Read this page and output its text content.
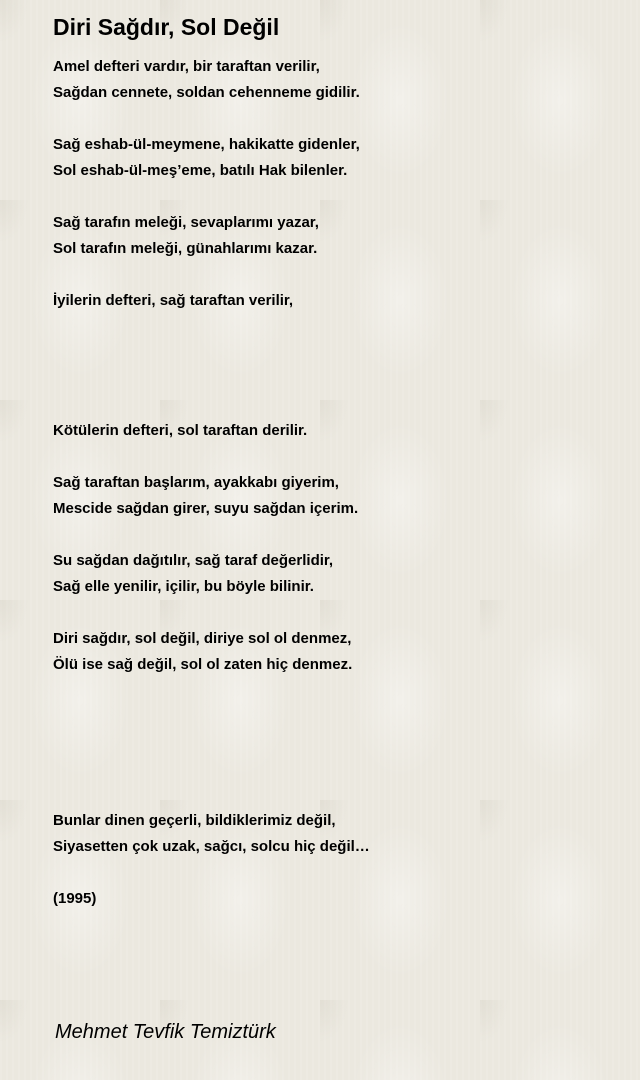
Diri Sağdır, Sol Değil
Amel defteri vardır, bir taraftan verilir,
Sağdan cennete, soldan cehenneme gidilir.
Sağ eshab-ül-meymene, hakikatte gidenler,
Sol eshab-ül-meş’eme, batılı Hak bilenler.
Sağ tarafın meleği, sevaplarımı yazar,
Sol tarafın meleği, günahlarımı kazar.
İyilerin defteri, sağ taraftan verilir,
Kötülerin defteri, sol taraftan derilir.
Sağ taraftan başlarım, ayakkabı giyerim,
Mescide sağdan girer, suyu sağdan içerim.
Su sağdan dağıtılır, sağ taraf değerlidir,
Sağ elle yenilir, içilir, bu böyle bilinir.
Diri sağdır, sol değil, diriye sol ol denmez,
Ölü ise sağ değil, sol ol zaten hiç denmez.
Bunlar dinen geçerli, bildiklerimiz değil,
Siyasetten çok uzak, sağcı, solcu hiç değil…
(1995)
Mehmet Tevfik Temiztürk
